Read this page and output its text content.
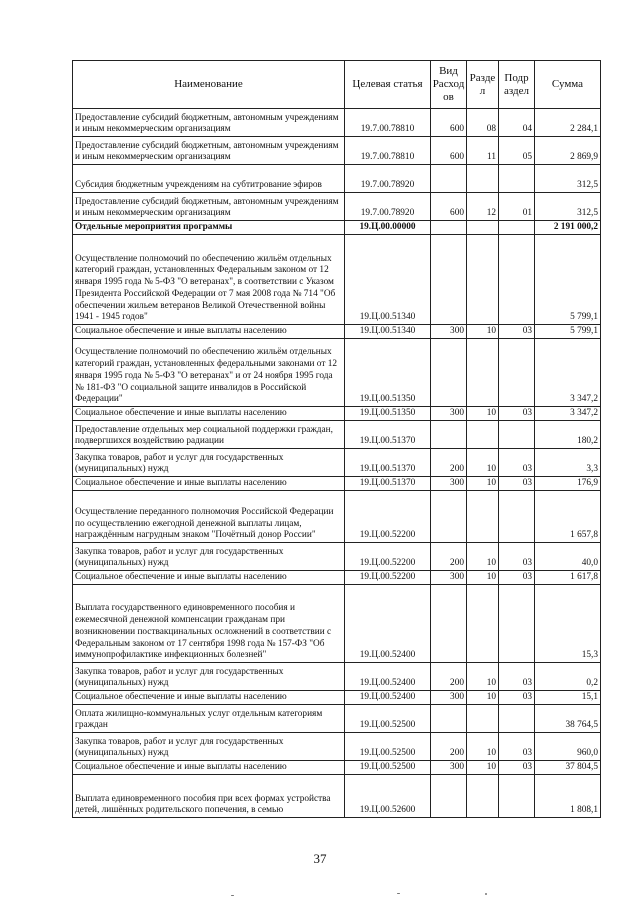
Наименование	Целевая статья	Вид Расход ов	Разде л	Подр аздел	Сумма
Предоставление субсидий бюджетным, автономным учреждениям и иным некоммерческим организациям	19.7.00.78810	600	08	04	2 284,1
Предоставление субсидий бюджетным, автономным учреждениям и иным некоммерческим организациям	19.7.00.78810	600	11	05	2 869,9
Субсидия бюджетным учреждениям на субтитрование эфиров	19.7.00.78920				312,5
Предоставление субсидий бюджетным, автономным учреждениям и иным некоммерческим организациям	19.7.00.78920	600	12	01	312,5
Отдельные мероприятия программы	19.Ц.00.00000				2 191 000,2
Осуществление полномочий по обеспечению жильём отдельных категорий граждан, установленных Федеральным законом от 12 января 1995 года № 5-ФЗ "О ветеранах", в соответствии с Указом Президента Российской Федерации от 7 мая 2008 года № 714 "Об обеспечении жильем ветеранов Великой Отечественной войны 1941 - 1945 годов"	19.Ц.00.51340				5 799,1
Социальное обеспечение и иные выплаты населению	19.Ц.00.51340	300	10	03	5 799,1
Осуществление полномочий по обеспечению жильём отдельных категорий граждан, установленных федеральными законами от 12 января 1995 года № 5-ФЗ "О ветеранах" и от 24 ноября 1995 года № 181-ФЗ "О социальной защите инвалидов в Российской Федерации"	19.Ц.00.51350				3 347,2
Социальное обеспечение и иные выплаты населению	19.Ц.00.51350	300	10	03	3 347,2
Предоставление отдельных мер социальной поддержки граждан, подвергшихся воздействию радиации	19.Ц.00.51370				180,2
Закупка товаров, работ и услуг для государственных (муниципальных) нужд	19.Ц.00.51370	200	10	03	3,3
Социальное обеспечение и иные выплаты населению	19.Ц.00.51370	300	10	03	176,9
Осуществление переданного полномочия Российской Федерации по осуществлению ежегодной денежной выплаты лицам, награждённым нагрудным знаком "Почётный донор России"	19.Ц.00.52200				1 657,8
Закупка товаров, работ и услуг для государственных (муниципальных) нужд	19.Ц.00.52200	200	10	03	40,0
Социальное обеспечение и иные выплаты населению	19.Ц.00.52200	300	10	03	1 617,8
Выплата государственного единовременного пособия и ежемесячной денежной компенсации гражданам при возникновении поствакцинальных осложнений в соответствии с Федеральным законом от 17 сентября 1998 года № 157-ФЗ "Об иммунопрофилактике инфекционных болезней"	19.Ц.00.52400				15,3
Закупка товаров, работ и услуг для государственных (муниципальных) нужд	19.Ц.00.52400	200	10	03	0,2
Социальное обеспечение и иные выплаты населению	19.Ц.00.52400	300	10	03	15,1
Оплата жилищно-коммунальных услуг отдельным категориям граждан	19.Ц.00.52500				38 764,5
Закупка товаров, работ и услуг для государственных (муниципальных) нужд	19.Ц.00.52500	200	10	03	960,0
Социальное обеспечение и иные выплаты населению	19.Ц.00.52500	300	10	03	37 804,5
Выплата единовременного пособия при всех формах устройства детей, лишённых родительского попечения, в семью	19.Ц.00.52600				1 808,1
37
